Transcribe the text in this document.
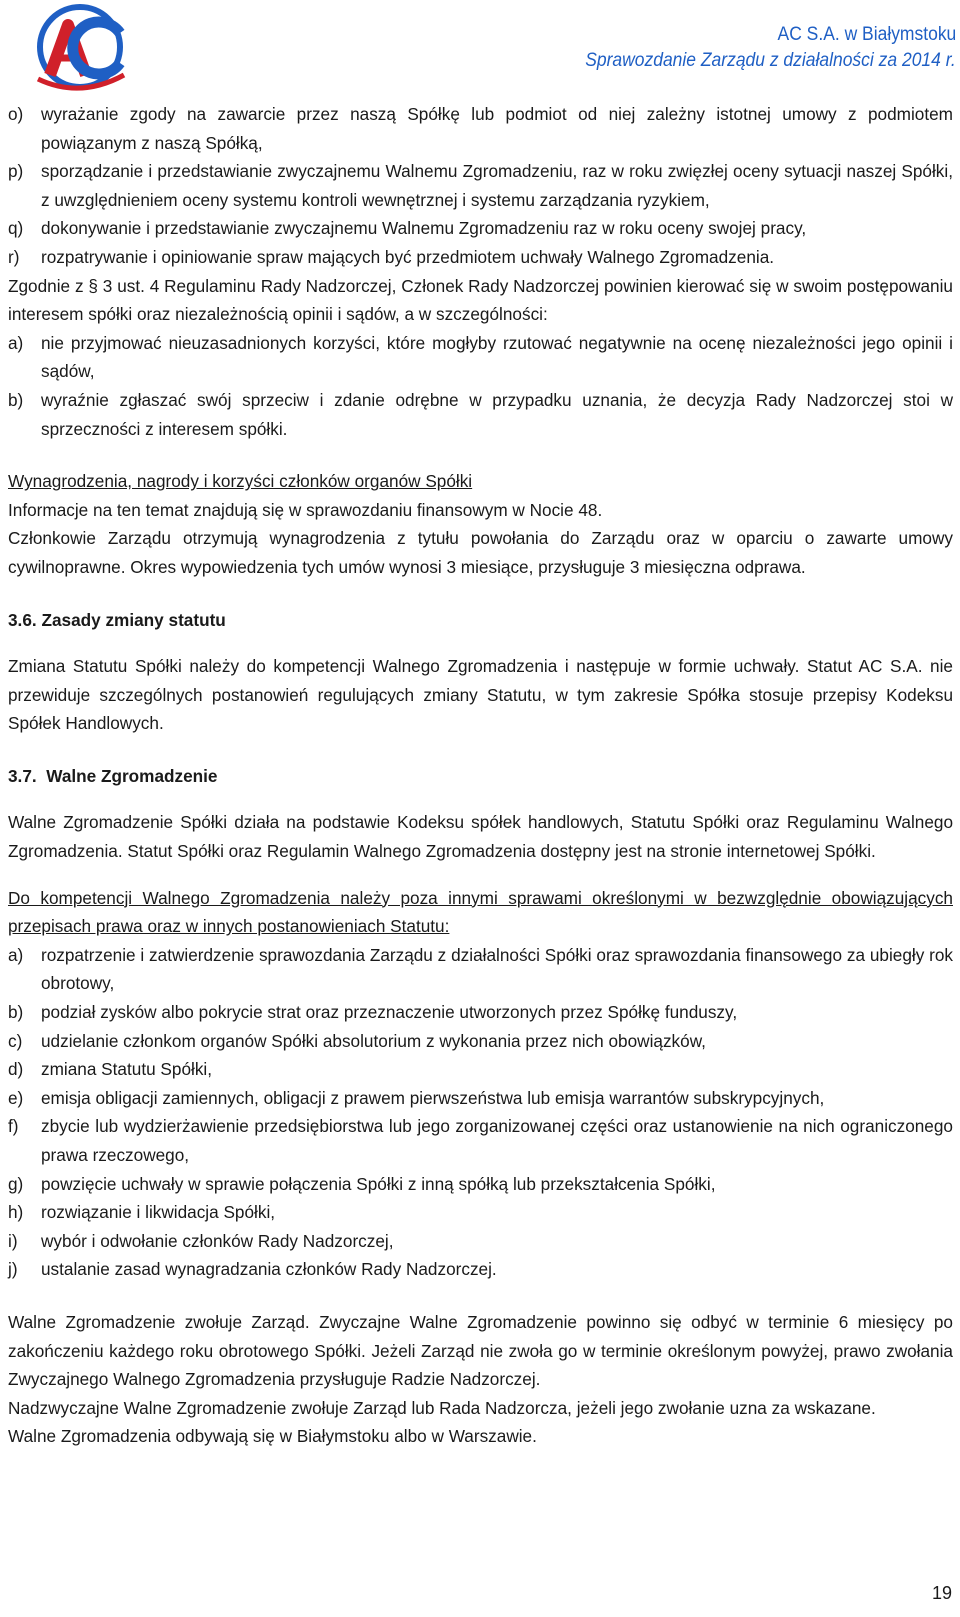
AC S.A. w Białymstoku
Sprawozdanie Zarządu z działalności za 2014 r.
o)	wyrażanie zgody na zawarcie przez naszą Spółkę lub podmiot od niej zależny istotnej umowy z podmiotem powiązanym z naszą Spółką,
p)	sporządzanie i przedstawianie zwyczajnemu Walnemu Zgromadzeniu, raz w roku zwięzłej oceny sytuacji naszej Spółki, z uwzględnieniem oceny systemu kontroli wewnętrznej i systemu zarządzania ryzykiem,
q)	dokonywanie i przedstawianie zwyczajnemu Walnemu Zgromadzeniu raz w roku oceny swojej pracy,
r)	rozpatrywanie i opiniowanie spraw mających być przedmiotem uchwały Walnego Zgromadzenia.

Zgodnie z § 3 ust. 4 Regulaminu Rady Nadzorczej, Członek Rady Nadzorczej powinien kierować się w swoim postępowaniu interesem spółki oraz niezależnością opinii i sądów, a w szczególności:

a)	nie przyjmować nieuzasadnionych korzyści, które mogłyby rzutować negatywnie na ocenę niezależności jego opinii i sądów,
b)	wyraźnie zgłaszać swój sprzeciw i zdanie odrębne w przypadku uznania, że decyzja Rady Nadzorczej stoi w sprzeczności z interesem spółki.

Wynagrodzenia, nagrody i korzyści członków organów Spółki

Informacje na ten temat znajdują się w sprawozdaniu finansowym w Nocie 48.

Członkowie Zarządu otrzymują wynagrodzenia z tytułu powołania do Zarządu oraz w oparciu o zawarte umowy cywilnoprawne. Okres wypowiedzenia tych umów wynosi 3 miesiące, przysługuje 3 miesięczna odprawa.

3.6. Zasady zmiany statutu

Zmiana Statutu Spółki należy do kompetencji Walnego Zgromadzenia i następuje w formie uchwały. Statut AC S.A. nie przewiduje szczególnych postanowień regulujących zmiany Statutu, w tym zakresie Spółka stosuje przepisy Kodeksu Spółek Handlowych.

3.7. Walne Zgromadzenie

Walne Zgromadzenie Spółki działa na podstawie Kodeksu spółek handlowych, Statutu Spółki oraz Regulaminu Walnego Zgromadzenia. Statut Spółki oraz Regulamin Walnego Zgromadzenia dostępny jest na stronie internetowej Spółki.

Do kompetencji Walnego Zgromadzenia należy poza innymi sprawami określonymi w bezwzględnie obowiązujących przepisach prawa oraz w innych postanowieniach Statutu:

a)	rozpatrzenie i zatwierdzenie sprawozdania Zarządu z działalności Spółki oraz sprawozdania finansowego za ubiegły rok obrotowy,
b)	podział zysków albo pokrycie strat oraz przeznaczenie utworzonych przez Spółkę funduszy,
c)	udzielanie członkom organów Spółki absolutorium z wykonania przez nich obowiązków,
d)	zmiana Statutu Spółki,
e)	emisja obligacji zamiennych, obligacji z prawem pierwszeństwa lub emisja warrantów subskrypcyjnych,
f)	zbycie lub wydzierżawienie przedsiębiorstwa lub jego zorganizowanej części oraz ustanowienie na nich ograniczonego prawa rzeczowego,
g)	powzięcie uchwały w sprawie połączenia Spółki z inną spółką lub przekształcenia Spółki,
h)	rozwiązanie i likwidacja Spółki,
i)	wybór i odwołanie członków Rady Nadzorczej,
j)	ustalanie zasad wynagradzania członków Rady Nadzorczej.

Walne Zgromadzenie zwołuje Zarząd. Zwyczajne Walne Zgromadzenie powinno się odbyć w terminie 6 miesięcy po zakończeniu każdego roku obrotowego Spółki. Jeżeli Zarząd nie zwoła go w terminie określonym powyżej, prawo zwołania Zwyczajnego Walnego Zgromadzenia przysługuje Radzie Nadzorczej.

Nadzwyczajne Walne Zgromadzenie zwołuje Zarząd lub Rada Nadzorcza, jeżeli jego zwołanie uzna za wskazane.

Walne Zgromadzenia odbywają się w Białymstoku albo w Warszawie.

19
